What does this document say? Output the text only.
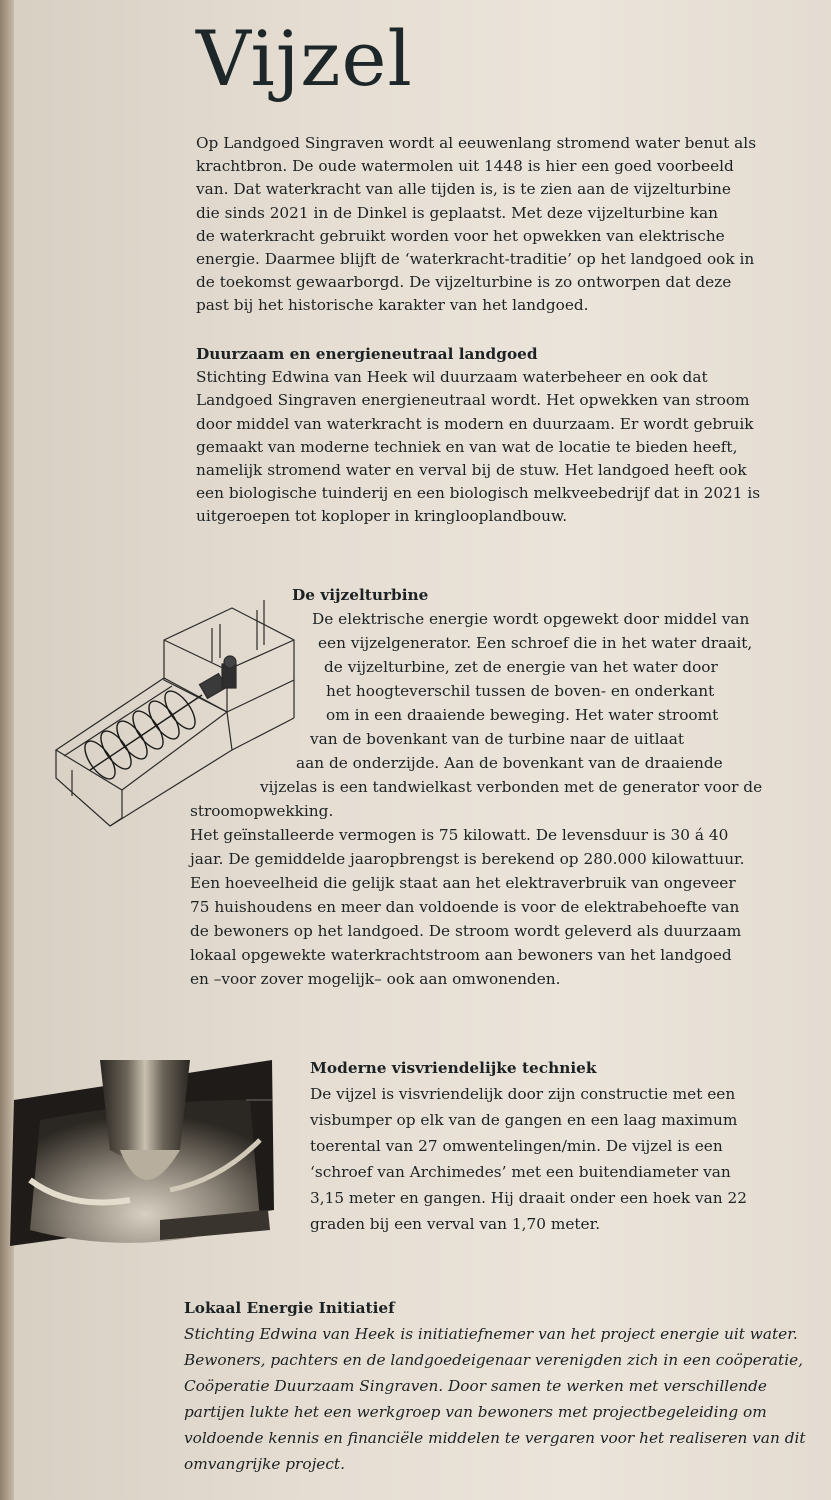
Vijzel
Op Landgoed Singraven wordt al eeuwenlang stromend water benut als
krachtbron. De oude watermolen uit 1448 is hier een goed voorbeeld
van. Dat waterkracht van alle tijden is, is te zien aan de vijzelturbine
die sinds 2021 in de Dinkel is geplaatst. Met deze vijzelturbine kan
de waterkracht gebruikt worden voor het opwekken van elektrische
energie. Daarmee blijft de ‘waterkracht-traditie’ op het landgoed ook in
de toekomst gewaarborgd. De vijzelturbine is zo ontworpen dat deze
past bij het historische karakter van het landgoed.
Duurzaam en energieneutraal landgoed
Stichting Edwina van Heek wil duurzaam waterbeheer en ook dat
Landgoed Singraven energieneutraal wordt. Het opwekken van stroom
door middel van waterkracht is modern en duurzaam. Er wordt gebruik
gemaakt van moderne techniek en van wat de locatie te bieden heeft,
namelijk stromend water en verval bij de stuw. Het landgoed heeft ook
een biologische tuinderij en een biologisch melkveebedrijf dat in 2021 is
uitgeroepen tot koploper in kringlooplandbouw.
De vijzelturbine
De elektrische energie wordt opgewekt door middel van
een vijzelgenerator. Een schroef die in het water draait,
de vijzelturbine, zet de energie van het water door
het hoogteverschil tussen de boven- en onderkant
om in een draaiende beweging. Het water stroomt
van de bovenkant van de turbine naar de uitlaat
aan de onderzijde. Aan de bovenkant van de draaiende
vijzelas is een tandwielkast verbonden met de generator voor de
stroomopwekking.
Het geïnstalleerde vermogen is 75 kilowatt. De levensduur is 30 á 40
jaar. De gemiddelde jaaropbrengst is berekend op 280.000 kilowattuur.
Een hoeveelheid die gelijk staat aan het elektraverbruik van ongeveer
75 huishoudens en meer dan voldoende is voor de elektrabehoefte van
de bewoners op het landgoed. De stroom wordt geleverd als duurzaam
lokaal opgewekte waterkrachtstroom aan bewoners van het landgoed
en –voor zover mogelijk– ook aan omwonenden.
Moderne visvriendelijke techniek
De vijzel is visvriendelijk door zijn constructie met een
visbumper op elk van de gangen en een laag maximum
toerental van 27 omwentelingen/min. De vijzel is een
‘schroef van Archimedes’ met een buitendiameter van
3,15 meter en gangen. Hij draait onder een hoek van 22
graden bij een verval van 1,70 meter.
Lokaal Energie Initiatief
Stichting Edwina van Heek is initiatiefnemer van het project energie uit water.
Bewoners, pachters en de landgoedeigenaar verenigden zich in een coöperatie,
Coöperatie Duurzaam Singraven. Door samen te werken met verschillende
partijen lukte het een werkgroep van bewoners met projectbegeleiding om
voldoende kennis en financiële middelen te vergaren voor het realiseren van dit
omvangrijke project.
